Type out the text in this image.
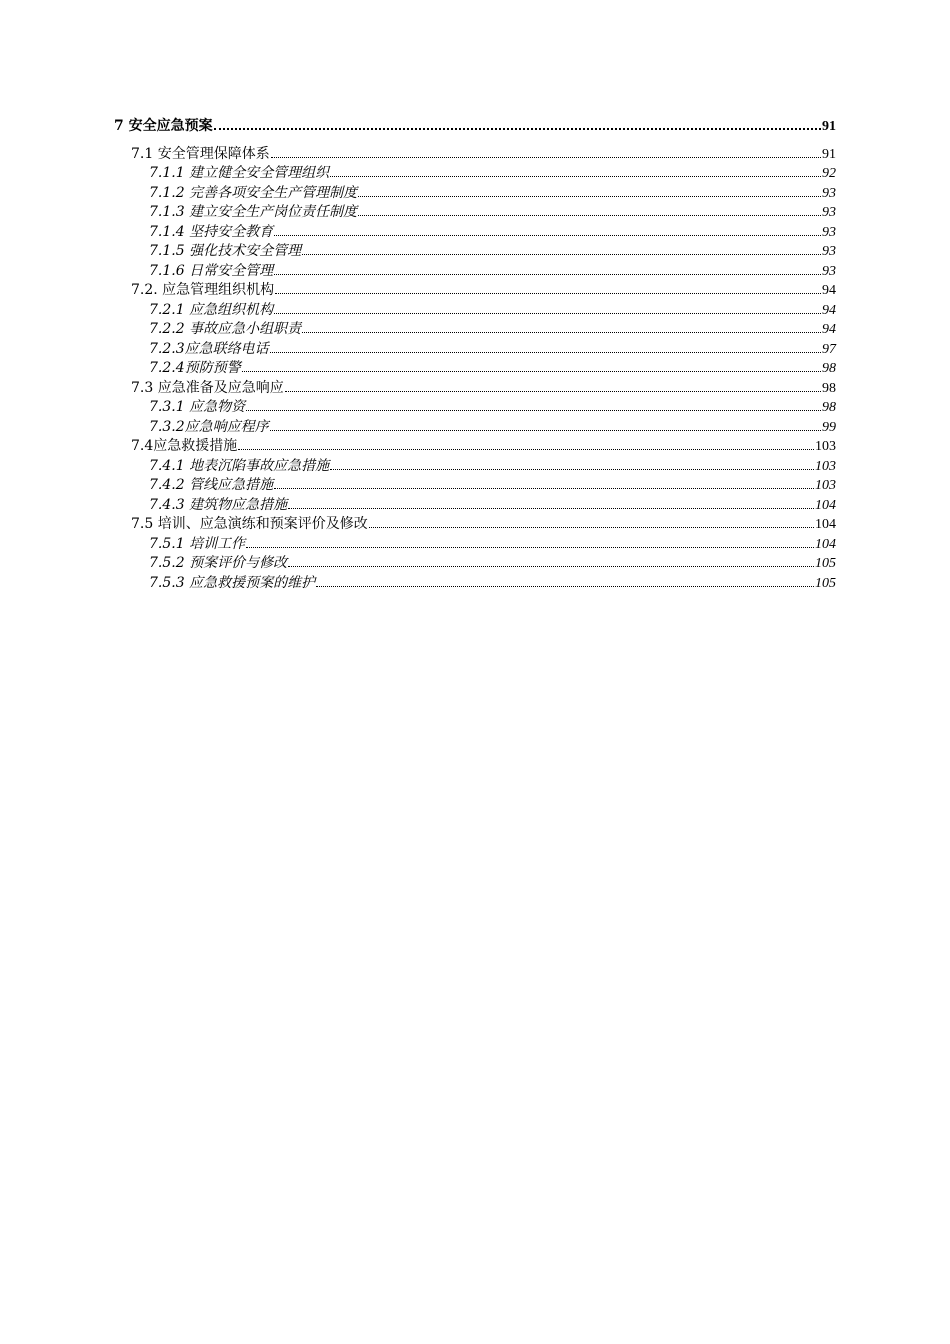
7 安全应急预案	91
7.1 安全管理保障体系	91
7.1.1 建立健全安全管理组织	92
7.1.2 完善各项安全生产管理制度	93
7.1.3 建立安全生产岗位责任制度	93
7.1.4 坚持安全教育	93
7.1.5 强化技术安全管理	93
7.1.6 日常安全管理	93
7.2. 应急管理组织机构	94
7.2.1 应急组织机构	94
7.2.2 事故应急小组职责	94
7.2.3应急联络电话	97
7.2.4预防预警	98
7.3 应急准备及应急响应	98
7.3.1 应急物资	98
7.3.2应急响应程序	99
7.4应急救援措施	103
7.4.1 地表沉陷事故应急措施	103
7.4.2 管线应急措施	103
7.4.3 建筑物应急措施	104
7.5 培训、应急演练和预案评价及修改	104
7.5.1 培训工作	104
7.5.2 预案评价与修改	105
7.5.3 应急救援预案的维护	105
